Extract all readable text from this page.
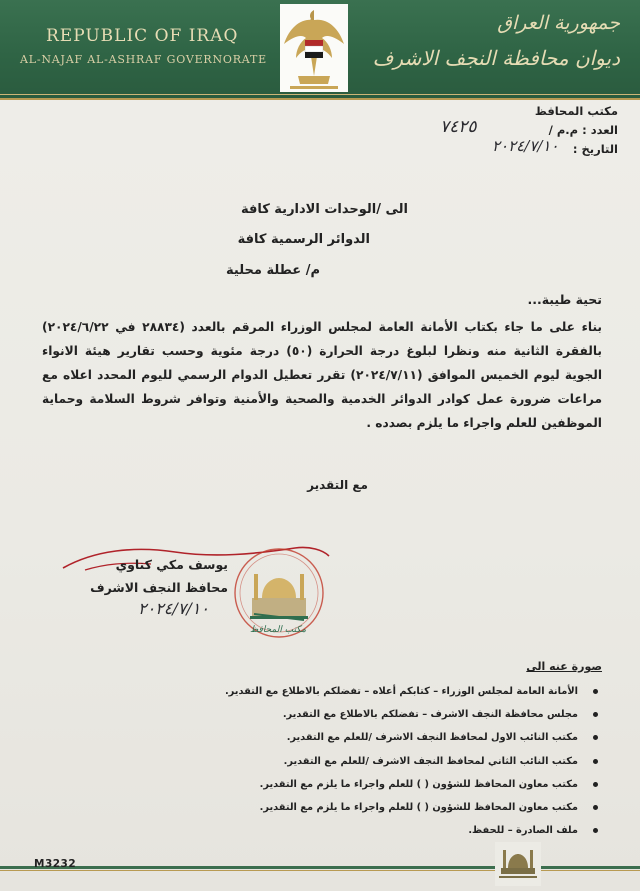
REPUBLIC OF IRAQ
AL-NAJAF AL-ASHRAF GOVERNORATE
جمهورية العراق
ديوان محافظة النجف الاشرف
مكتب المحافظ
العدد : م.م /
٧٤٢٥
التاريخ :
٢٠٢٤/٧/١٠
الى /الوحدات الادارية كافة
الدوائر الرسمية كافة
م/ عطلة محلية
تحية طيبة...
بناء على ما جاء بكتاب الأمانة العامة لمجلس الوزراء المرقم بالعدد (٢٨٨٣٤ في ٢٠٢٤/٦/٢٢) بالفقرة الثانية منه ونظرا لبلوغ درجة الحرارة (٥٠) درجة مئوية وحسب تقارير هيئة الانواء الجوية ليوم الخميس الموافق (٢٠٢٤/٧/١١) تقرر تعطيل الدوام الرسمي لليوم المحدد اعلاه مع مراعات ضرورة عمل كوادر الدوائر الخدمية والصحية والأمنية وتوافر شروط السلامة وحماية الموظفين للعلم واجراء ما يلزم بصدده .
مع التقدير
يوسف مكي كناوي
محافظ النجف الاشرف
٢٠٢٤/٧/١٠
مكتب المحافظ
صورة عنه الى
الأمانة العامة لمجلس الوزراء – كتابكم أعلاه – تفضلكم بالاطلاع مع التقدير.
مجلس محافظة النجف الاشرف – تفضلكم بالاطلاع مع التقدير.
مكتب النائب الاول لمحافظ النجف الاشرف /للعلم مع التقدير.
مكتب النائب الثاني لمحافظ النجف الاشرف /للعلم مع التقدير.
مكتب معاون المحافظ للشؤون ( ) للعلم واجراء ما يلزم مع التقدير.
مكتب معاون المحافظ للشؤون ( ) للعلم واجراء ما يلزم مع التقدير.
ملف الصادرة – للحفظ.
M3232
